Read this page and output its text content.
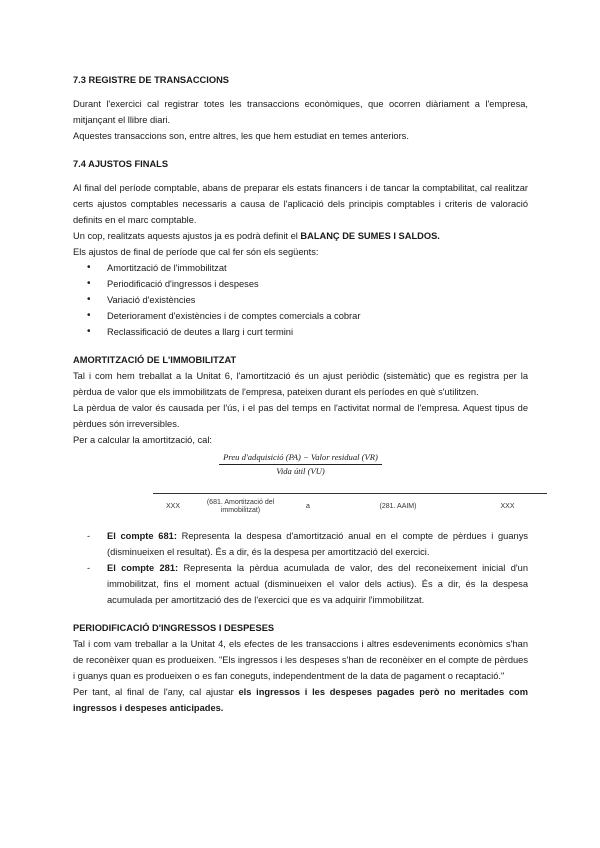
7.3 REGISTRE DE TRANSACCIONS

Durant l'exercici cal registrar totes les transaccions econòmiques, que ocorren diàriament a l'empresa, mitjançant el llibre diari.

Aquestes transaccions son, entre altres, les que hem estudiat en temes anteriors.

7.4 AJUSTOS FINALS

Al final del període comptable, abans de preparar els estats financers i de tancar la comptabilitat, cal realitzar certs ajustos comptables necessaris a causa de l'aplicació dels principis comptables i criteris de valoració definits en el marc comptable.

Un cop, realitzats aquests ajustos ja es podrà definit el BALANÇ DE SUMES I SALDOS.

Els ajustos de final de període que cal fer són els següents:

• Amortització de l'immobilitzat
• Periodificació d'ingressos i despeses
• Variació d'existències
• Deteriorament d'existències i de comptes comercials a cobrar
• Reclassificació de deutes a llarg i curt termini
AMORTITZACIÓ DE L'IMMOBILITZAT

Tal i com hem treballat a la Unitat 6, l'amortització és un ajust periòdic (sistemàtic) que es registra per la pèrdua de valor que els immobilitzats de l'empresa, pateixen durant els períodes en què s'utilitzen.

La pèrdua de valor és causada per l'ús, i el pas del temps en l'activitat normal de l'empresa. Aquest tipus de pèrdues són irreversibles.

Per a calcular la amortització, cal:

Preu d'adquisició (PA) − Valor residual (VR)
Vida útil (VU)
XXX
(681. Amortització del immobilitzat)
a	(281. AAIM)	XXX
- El compte 681: Representa la despesa d'amortització anual en el compte de pèrdues i guanys (disminueixen el resultat). És a dir, és la despesa per amortització del exercici.
- El compte 281: Representa la pèrdua acumulada de valor, des del reconeixement inicial d'un immobilitzat, fins el moment actual (disminueixen el valor dels actius). És a dir, és la despesa acumulada per amortització des de l'exercici que es va adquirir l'immobilitzat.
PERIODIFICACIÓ D'INGRESSOS I DESPESES

Tal i com vam treballar a la Unitat 4, els efectes de les transaccions i altres esdeveniments econòmics s'han de reconèixer quan es produeixen. "Els ingressos i les despeses s'han de reconèixer en el compte de pèrdues i guanys quan es produeixen o es fan coneguts, independentment de la data de pagament o recaptació."

Per tant, al final de l'any, cal ajustar els ingressos i les despeses pagades però no meritades com ingressos i despeses anticipades.
